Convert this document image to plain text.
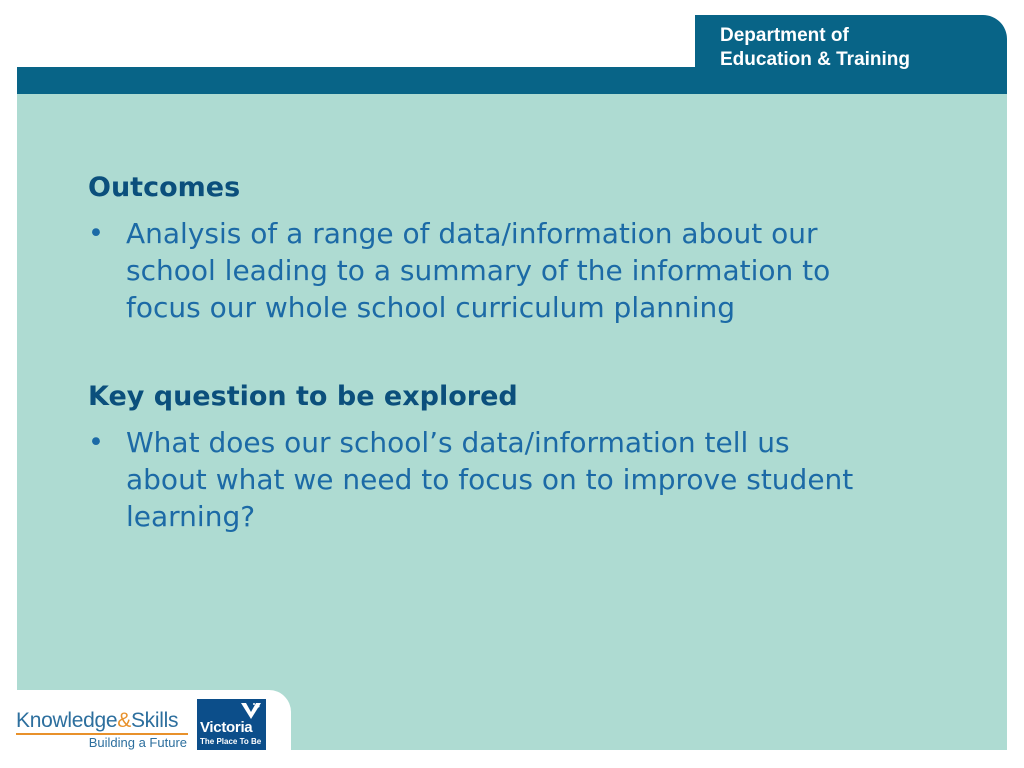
Department of
Education & Training
Outcomes
• Analysis of a range of data/information about our
school leading to a summary of the information to
focus our whole school curriculum planning
Key question to be explored
• What does our school’s data/information tell us
about what we need to focus on to improve student
learning?
Knowledge&Skills
Building a Future
Victoria
The Place To Be
